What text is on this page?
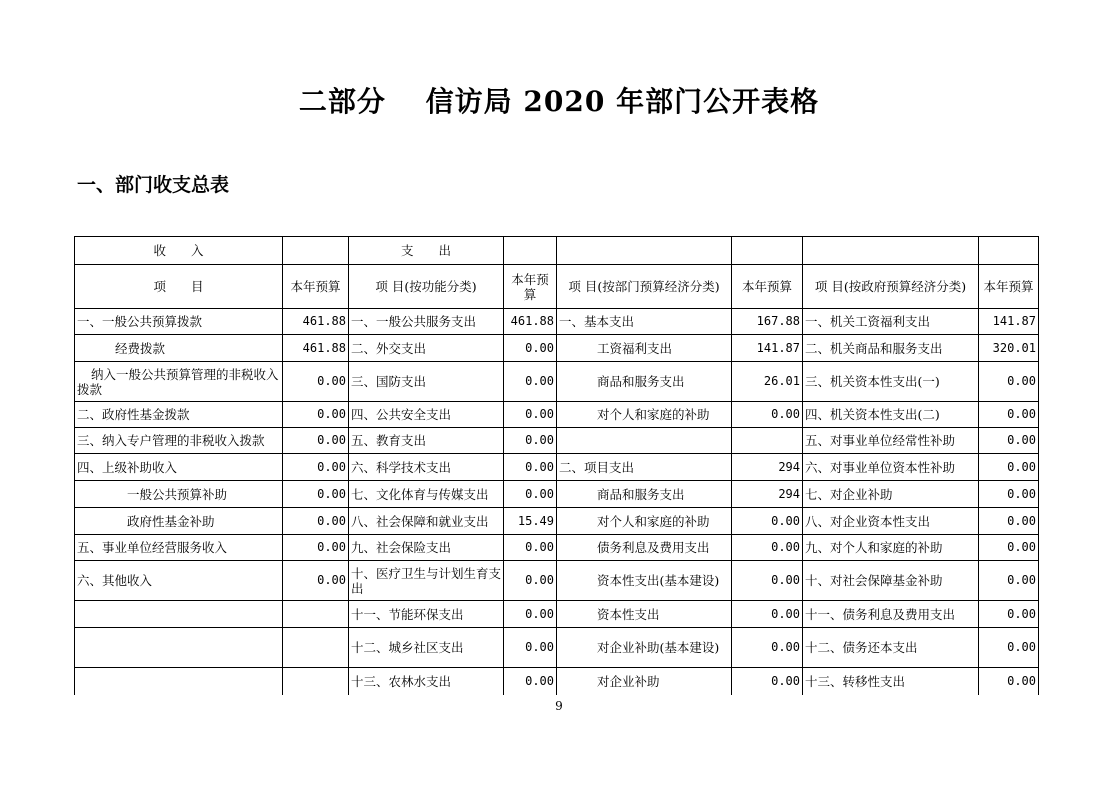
二部分　 信访局 2020 年部门公开表格
一、部门收支总表
收　　入		支　　出					
项　　目	本年预算	项 目(按功能分类)	本年预算	项 目(按部门预算经济分类)	本年预算	项 目(按政府预算经济分类)	本年预算
一、一般公共预算拨款	461.88	一、一般公共服务支出	461.88	一、基本支出	167.88	一、机关工资福利支出	141.87
经费拨款	461.88	二、外交支出	0.00	工资福利支出	141.87	二、机关商品和服务支出	320.01
纳入一般公共预算管理的非税收入拨款	0.00	三、国防支出	0.00	商品和服务支出	26.01	三、机关资本性支出(一)	0.00
二、政府性基金拨款	0.00	四、公共安全支出	0.00	对个人和家庭的补助	0.00	四、机关资本性支出(二)	0.00
三、纳入专户管理的非税收入拨款	0.00	五、教育支出	0.00			五、对事业单位经常性补助	0.00
四、上级补助收入	0.00	六、科学技术支出	0.00	二、项目支出	294	六、对事业单位资本性补助	0.00
一般公共预算补助	0.00	七、文化体育与传媒支出	0.00	商品和服务支出	294	七、对企业补助	0.00
政府性基金补助	0.00	八、社会保障和就业支出	15.49	对个人和家庭的补助	0.00	八、对企业资本性支出	0.00
五、事业单位经营服务收入	0.00	九、社会保险支出	0.00	债务利息及费用支出	0.00	九、对个人和家庭的补助	0.00
六、其他收入	0.00	十、医疗卫生与计划生育支出	0.00	资本性支出(基本建设)	0.00	十、对社会保障基金补助	0.00
		十一、节能环保支出	0.00	资本性支出	0.00	十一、债务利息及费用支出	0.00
		十二、城乡社区支出	0.00	对企业补助(基本建设)	0.00	十二、债务还本支出	0.00
		十三、农林水支出	0.00	对企业补助	0.00	十三、转移性支出	0.00
9
